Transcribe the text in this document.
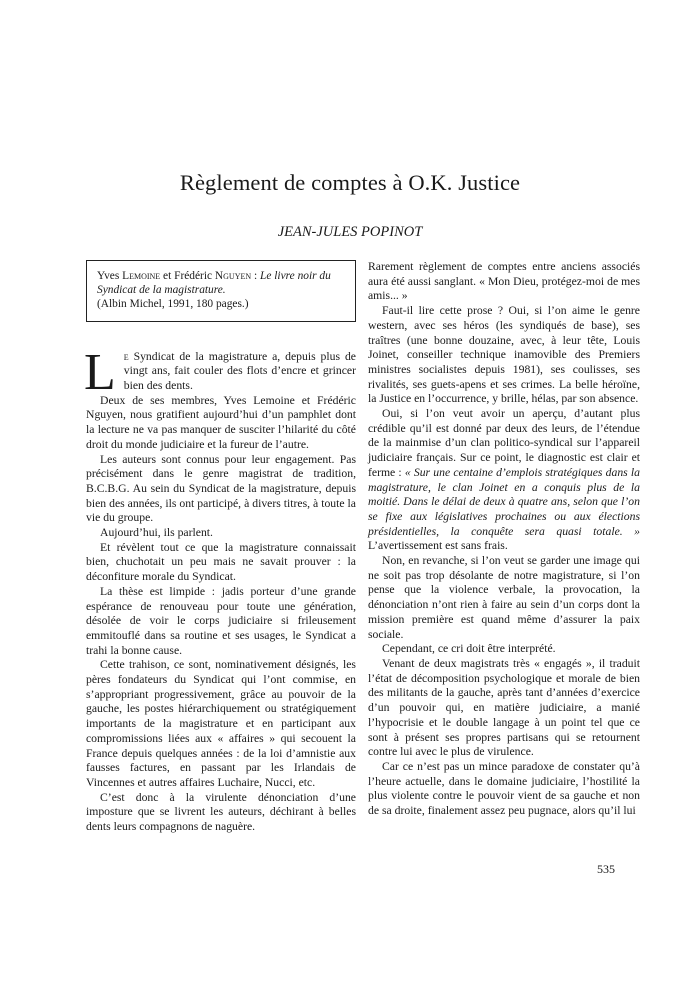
Règlement de comptes à O.K. Justice
JEAN-JULES POPINOT
Yves Lemoine et Frédéric Nguyen : Le livre noir du Syndicat de la magistrature.
(Albin Michel, 1991, 180 pages.)

Le Syndicat de la magistrature a, depuis plus de vingt ans, fait couler des flots d’encre et grincer bien des dents.

Deux de ses membres, Yves Lemoine et Frédéric Nguyen, nous gratifient aujourd’hui d’un pamphlet dont la lecture ne va pas manquer de susciter l’hilarité du côté droit du monde judiciaire et la fureur de l’autre.

Les auteurs sont connus pour leur engagement. Pas précisément dans le genre magistrat de tradition, B.C.B.G. Au sein du Syndicat de la magistrature, depuis bien des années, ils ont participé, à divers titres, à toute la vie du groupe.

Aujourd’hui, ils parlent.

Et révèlent tout ce que la magistrature connaissait bien, chuchotait un peu mais ne savait prouver : la déconfiture morale du Syndicat.

La thèse est limpide : jadis porteur d’une grande espérance de renouveau pour toute une génération, désolée de voir le corps judiciaire si frileusement emmitouflé dans sa routine et ses usages, le Syndicat a trahi la bonne cause.

Cette trahison, ce sont, nominativement désignés, les pères fondateurs du Syndicat qui l’ont commise, en s’appropriant progressivement, grâce au pouvoir de la gauche, les postes hiérarchiquement ou stratégiquement importants de la magistrature et en participant aux compromissions liées aux « affaires » qui secouent la France depuis quelques années : de la loi d’amnistie aux fausses factures, en passant par les Irlandais de Vincennes et autres affaires Luchaire, Nucci, etc.

C’est donc à la virulente dénonciation d’une imposture que se livrent les auteurs, déchirant à belles dents leurs compagnons de naguère.

Rarement règlement de comptes entre anciens associés aura été aussi sanglant. « Mon Dieu, protégez-moi de mes amis... »

Faut-il lire cette prose ? Oui, si l’on aime le genre western, avec ses héros (les syndiqués de base), ses traîtres (une bonne douzaine, avec, à leur tête, Louis Joinet, conseiller technique inamovible des Premiers ministres socialistes depuis 1981), ses coulisses, ses rivalités, ses guets-apens et ses crimes. La belle héroïne, la Justice en l’occurrence, y brille, hélas, par son absence.

Oui, si l’on veut avoir un aperçu, d’autant plus crédible qu’il est donné par deux des leurs, de l’étendue de la mainmise d’un clan politico-syndical sur l’appareil judiciaire français. Sur ce point, le diagnostic est clair et ferme : « Sur une centaine d’emplois stratégiques dans la magistrature, le clan Joinet en a conquis plus de la moitié. Dans le délai de deux à quatre ans, selon que l’on se fixe aux législatives prochaines ou aux élections présidentielles, la conquête sera quasi totale. » L’avertissement est sans frais.

Non, en revanche, si l’on veut se garder une image qui ne soit pas trop désolante de notre magistrature, si l’on pense que la violence verbale, la provocation, la dénonciation n’ont rien à faire au sein d’un corps dont la mission première est quand même d’assurer la paix sociale.

Cependant, ce cri doit être interprété.

Venant de deux magistrats très « engagés », il traduit l’état de décomposition psychologique et morale de bien des militants de la gauche, après tant d’années d’exercice d’un pouvoir qui, en matière judiciaire, a manié l’hypocrisie et le double langage à un point tel que ce sont à présent ses propres partisans qui se retournent contre lui avec le plus de virulence.

Car ce n’est pas un mince paradoxe de constater qu’à l’heure actuelle, dans le domaine judiciaire, l’hostilité la plus violente contre le pouvoir vient de sa gauche et non de sa droite, finalement assez peu pugnace, alors qu’il lui

535
